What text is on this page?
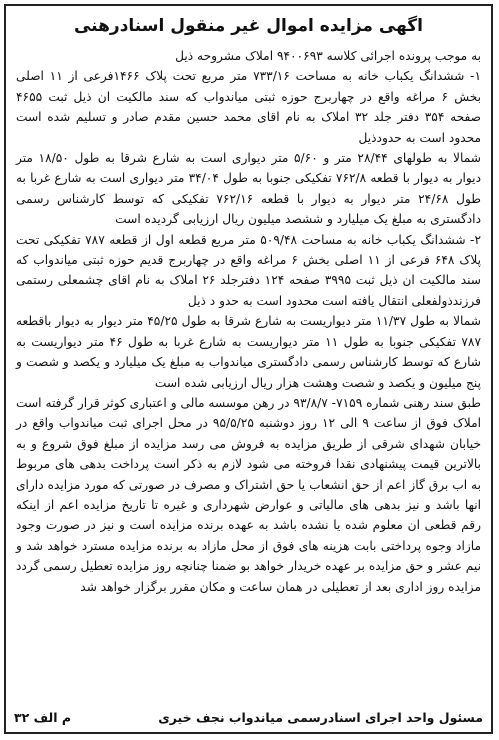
اگهی مزایده اموال غیر منقول اسنادرهنی

به موجب پرونده اجرائی کلاسه ۹۴۰۰۶۹۳ املاک مشروحه ذیل

۱- ششدانگ یکباب خانه به مساحت ۷۳۳/۱۶ متر مربع تحت پلاک ۱۴۶۶فرعی از ۱۱ اصلی بخش ۶ مراغه واقع در چهاربرج حوزه ثبتی میاندواب که سند مالکیت ان ذیل ثبت ۴۶۵۵ صفحه ۳۵۴ دفتر جلد ۳۲ املاک به نام اقای محمد حسین مقدم صادر و تسلیم شده است محدود است به حدودذیل

شمالا به طولهای ۲۸/۴۴ متر و ۵/۶۰ متر دیواری است به شارع شرقا به طول ۱۸/۵۰ متر دیوار به دیوار با قطعه ۷۶۲/۸ تفکیکی جنوبا به طول ۳۴/۰۴ متر دیواری است به شارع غربا به طول ۲۴/۶۸ متر دیوار به دیوار با قطعه ۷۶۲/۱۶ تفکیکی که توسط کارشناس رسمی دادگستری به مبلغ یک میلیارد و ششصد میلیون ریال ارزیابی گردیده است

۲- ششدانگ یکباب خانه به مساحت ۵۰۹/۴۸ متر مربع قطعه اول از قطعه ۷۸۷ تفکیکی تحت پلاک ۶۴۸ فرعی از ۱۱ اصلی بخش ۶ مراغه واقع در چهاربرج قدیم حوزه ثبتی میاندواب که سند مالکیت ان ذیل ثبت ۳۹۹۵ صفحه ۱۲۴ دفترجلد ۲۶ املاک به نام اقای چشمعلی رستمی فرزندذولفعلی انتقال یافته است محدود است به حدو د ذیل

شمالا به طول ۱۱/۳۷ متر دیواریست به شارع شرقا به طول ۴۵/۲۵ متر دیوار به دیوار باقطعه ۷۸۷ تفکیکی جنوبا به طول ۱۱ متر دیواریست به شارع غربا به طول ۴۶ متر دیواریست به شارع که توسط کارشناس رسمی دادگستری میاندواب به مبلغ یک میلیارد و یکصد و شصت و پنج میلیون و یکصد و شصت وهشت هزار ریال ارزیابی شده است

طبق سند رهنی شماره ۷۱۵۹- ۹۳/۸/۷ در رهن موسسه مالی و اعتباری کوثر قرار گرفته است املاک فوق از ساعت ۹ الی ۱۲ روز دوشنبه ۹۵/۵/۲۵ در محل اجرای ثبت میاندواب واقع در خیابان شهدای شرقی از طریق مزایده به فروش می رسد مزایده از مبلغ فوق شروع و به بالاترین قیمت پیشنهادی نقدا فروخته می شود لازم به ذکر است پرداخت بدهی های مربوط به اب برق گاز اعم از حق انشعاب یا حق اشتراک و مصرف در صورتی که مورد مزایده دارای انها باشد و نیز بدهی های مالیاتی و عوارض شهرداری و غیره تا تاریخ مزایده اعم از اینکه رقم قطعی ان معلوم شده یا نشده باشد به عهده برنده مزایده است و نیز در صورت وجود مازاد وجوه پرداختی بابت هزینه های فوق از محل مازاد به برنده مزایده مسترد خواهد شد و نیم عشر و حق مزایده بر عهده خریدار خواهد بو ضمنا چنانچه روز مزایده تعطیل رسمی گردد مزایده روز اداری بعد از تعطیلی در همان ساعت و مکان مقرر برگزار خواهد شد

مسئول واحد اجرای اسنادرسمی میاندواب نجف خیری
م الف ۳۲
